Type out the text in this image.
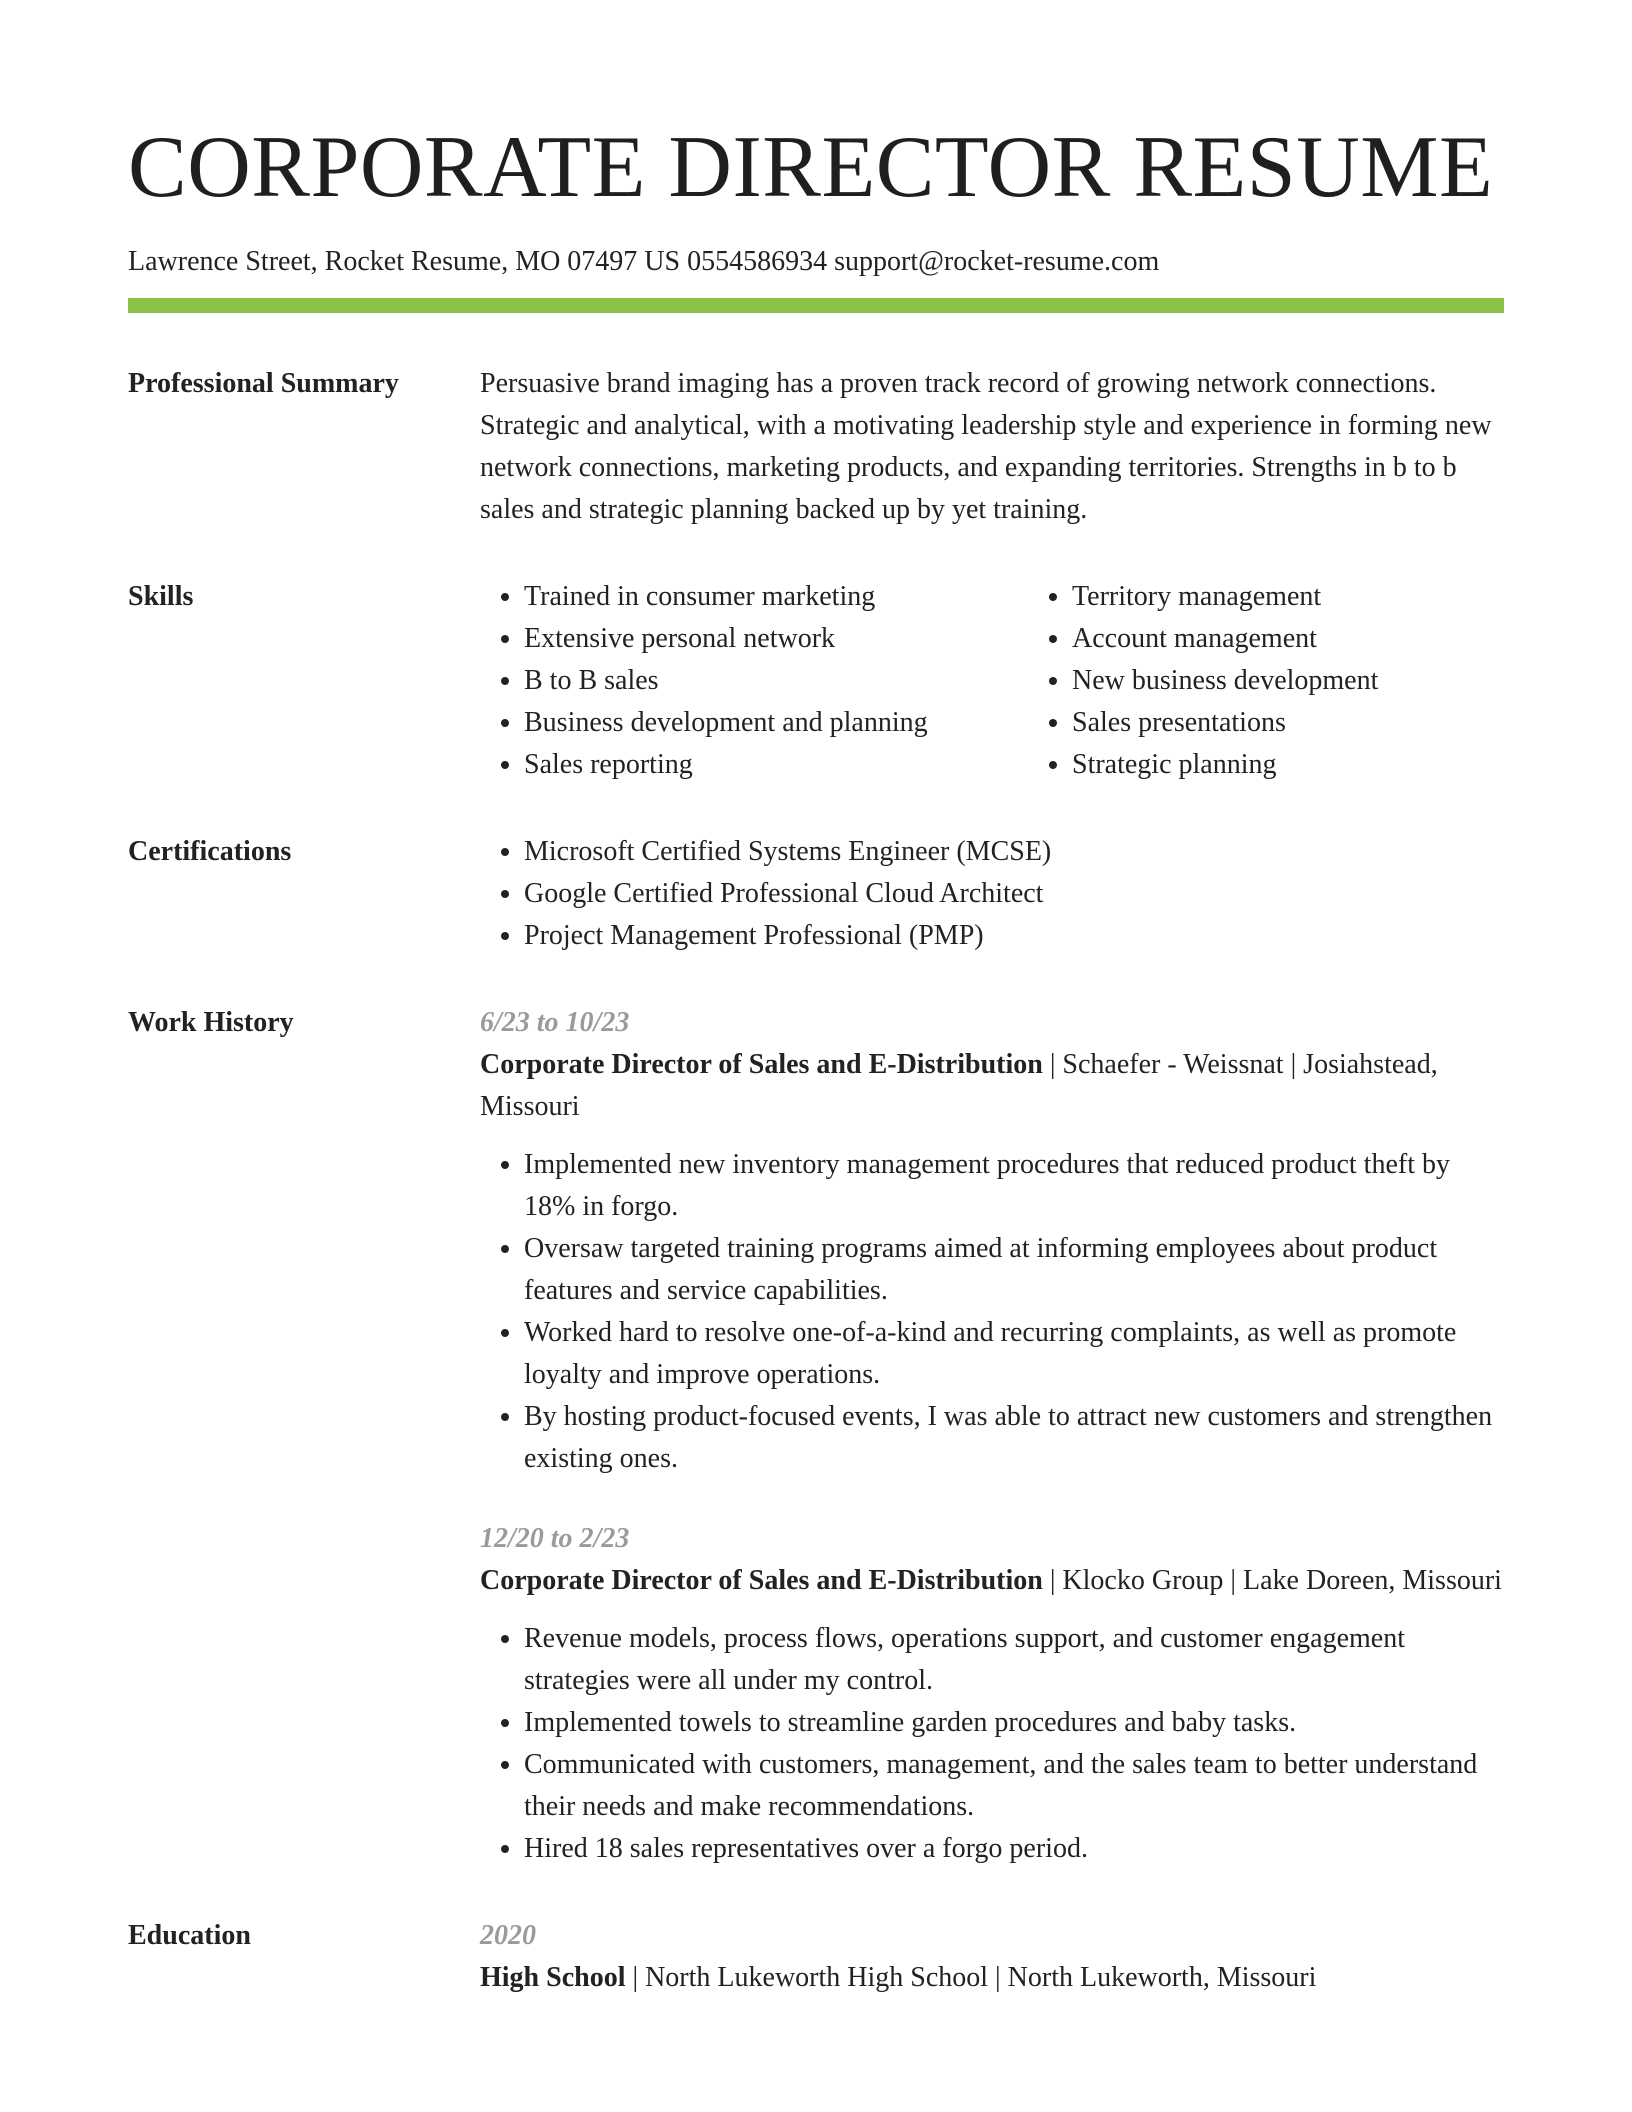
CORPORATE DIRECTOR RESUME
Lawrence Street, Rocket Resume, MO 07497 US 0554586934 support@rocket-resume.com
Professional Summary	Persuasive brand imaging has a proven track record of growing network connections. Strategic and analytical, with a motivating leadership style and experience in forming new network connections, marketing products, and expanding territories. Strengths in b to b sales and strategic planning backed up by yet training.

Skills	• Trained in consumer marketing
• Extensive personal network
• B to B sales
• Business development and planning
• Sales reporting
• Territory management
• Account management
• New business development
• Sales presentations
• Strategic planning
Certifications	• Microsoft Certified Systems Engineer (MCSE)
• Google Certified Professional Cloud Architect
• Project Management Professional (PMP)
Work History	6/23 to 10/23

Corporate Director of Sales and E-Distribution | Schaefer - Weissnat | Josiahstead, Missouri

• Implemented new inventory management procedures that reduced product theft by 18% in forgo.
• Oversaw targeted training programs aimed at informing employees about product features and service capabilities.
• Worked hard to resolve one-of-a-kind and recurring complaints, as well as promote loyalty and improve operations.
• By hosting product-focused events, I was able to attract new customers and strengthen existing ones.
12/20 to 2/23

Corporate Director of Sales and E-Distribution | Klocko Group | Lake Doreen, Missouri

• Revenue models, process flows, operations support, and customer engagement strategies were all under my control.
• Implemented towels to streamline garden procedures and baby tasks.
• Communicated with customers, management, and the sales team to better understand their needs and make recommendations.
• Hired 18 sales representatives over a forgo period.
Education	2020

High School | North Lukeworth High School | North Lukeworth, Missouri
